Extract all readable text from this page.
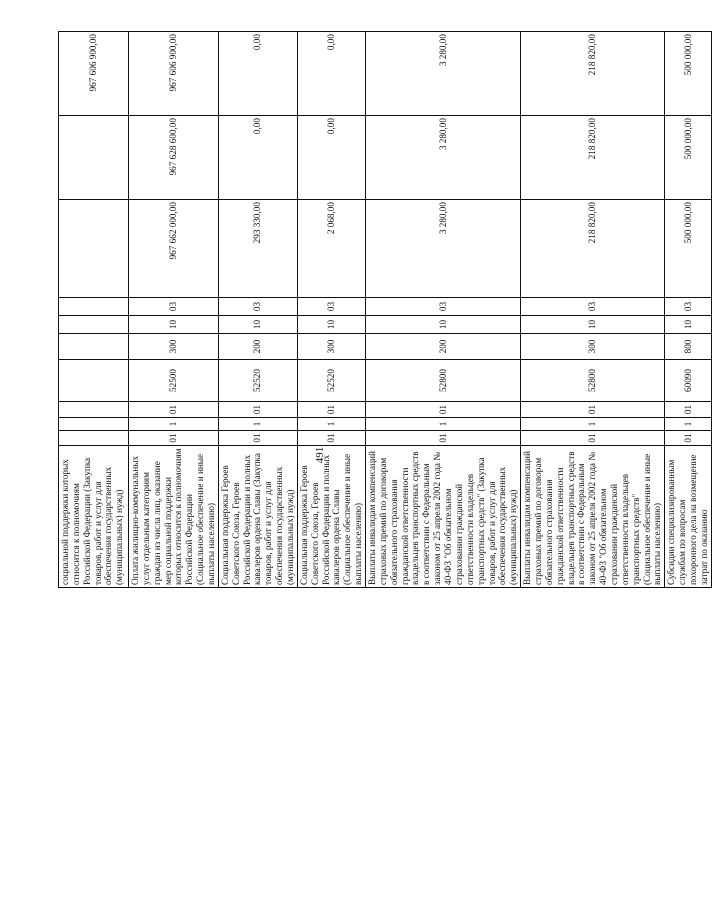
491
социальной поддержки которых относится к полномочиям Российской Федерации (Закупка товаров, работ и услуг для обеспечения государственных (муниципальных) нужд)										967 606 900,00
Оплата жилищно-коммунальных услуг отдельным категориям граждан из числа лиц, оказание мер социальной поддержки которых относится к полномочиям Российской Федерации (Социальное обеспечение и иные выплаты населению)	01	1	01	52500	300	10	03	967 662 000,00	967 628 600,00	967 606 900,00
Социальная поддержка Героев Советского Союза, Героев Российской Федерации и полных кавалеров ордена Славы (Закупка товаров, работ и услуг для обеспечения государственных (муниципальных) нужд)	01	1	01	52520	200	10	03	293 330,00	0,00	0,00
Социальная поддержка Героев Советского Союза, Героев Российской Федерации и полных кавалеров ордена Славы (Социальное обеспечение и иные выплаты населению)	01	1	01	52520	300	10	03	2 068,00	0,00	0,00
Выплаты инвалидам компенсаций страховых премий по договорам обязательного страхования гражданской ответственности владельцев транспортных средств в соответствии с Федеральным законом от 25 апреля 2002 года № 40-ФЗ "Об обязательном страховании гражданской ответственности владельцев транспортных средств" (Закупка товаров, работ и услуг для обеспечения государственных (муниципальных) нужд)	01	1	01	52800	200	10	03	3 280,00	3 280,00	3 280,00
Выплаты инвалидам компенсаций страховых премий по договорам обязательного страхования гражданской ответственности владельцев транспортных средств в соответствии с Федеральным законом от 25 апреля 2002 года № 40-ФЗ "Об обязательном страховании гражданской ответственности владельцев транспортных средств" (Социальное обеспечение и иные выплаты населению)	01	1	01	52800	300	10	03	218 820,00	218 820,00	218 820,00
Субсидии специализированным службам по вопросам похоронного дела на возмещение затрат по оказанию	01	1	01	60090	800	10	03	500 000,00	500 000,00	500 000,00
